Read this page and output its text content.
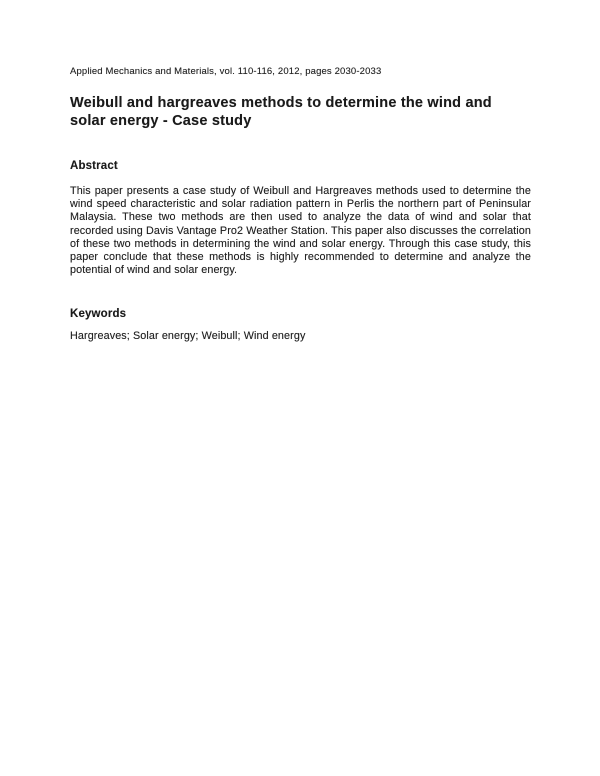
Applied Mechanics and Materials, vol. 110-116, 2012, pages 2030-2033

Weibull and hargreaves methods to determine the wind and solar energy - Case study
Abstract

This paper presents a case study of Weibull and Hargreaves methods used to determine the wind speed characteristic and solar radiation pattern in Perlis the northern part of Peninsular Malaysia. These two methods are then used to analyze the data of wind and solar that recorded using Davis Vantage Pro2 Weather Station. This paper also discusses the correlation of these two methods in determining the wind and solar energy. Through this case study, this paper conclude that these methods is highly recommended to determine and analyze the potential of wind and solar energy.

Keywords

Hargreaves; Solar energy; Weibull; Wind energy
